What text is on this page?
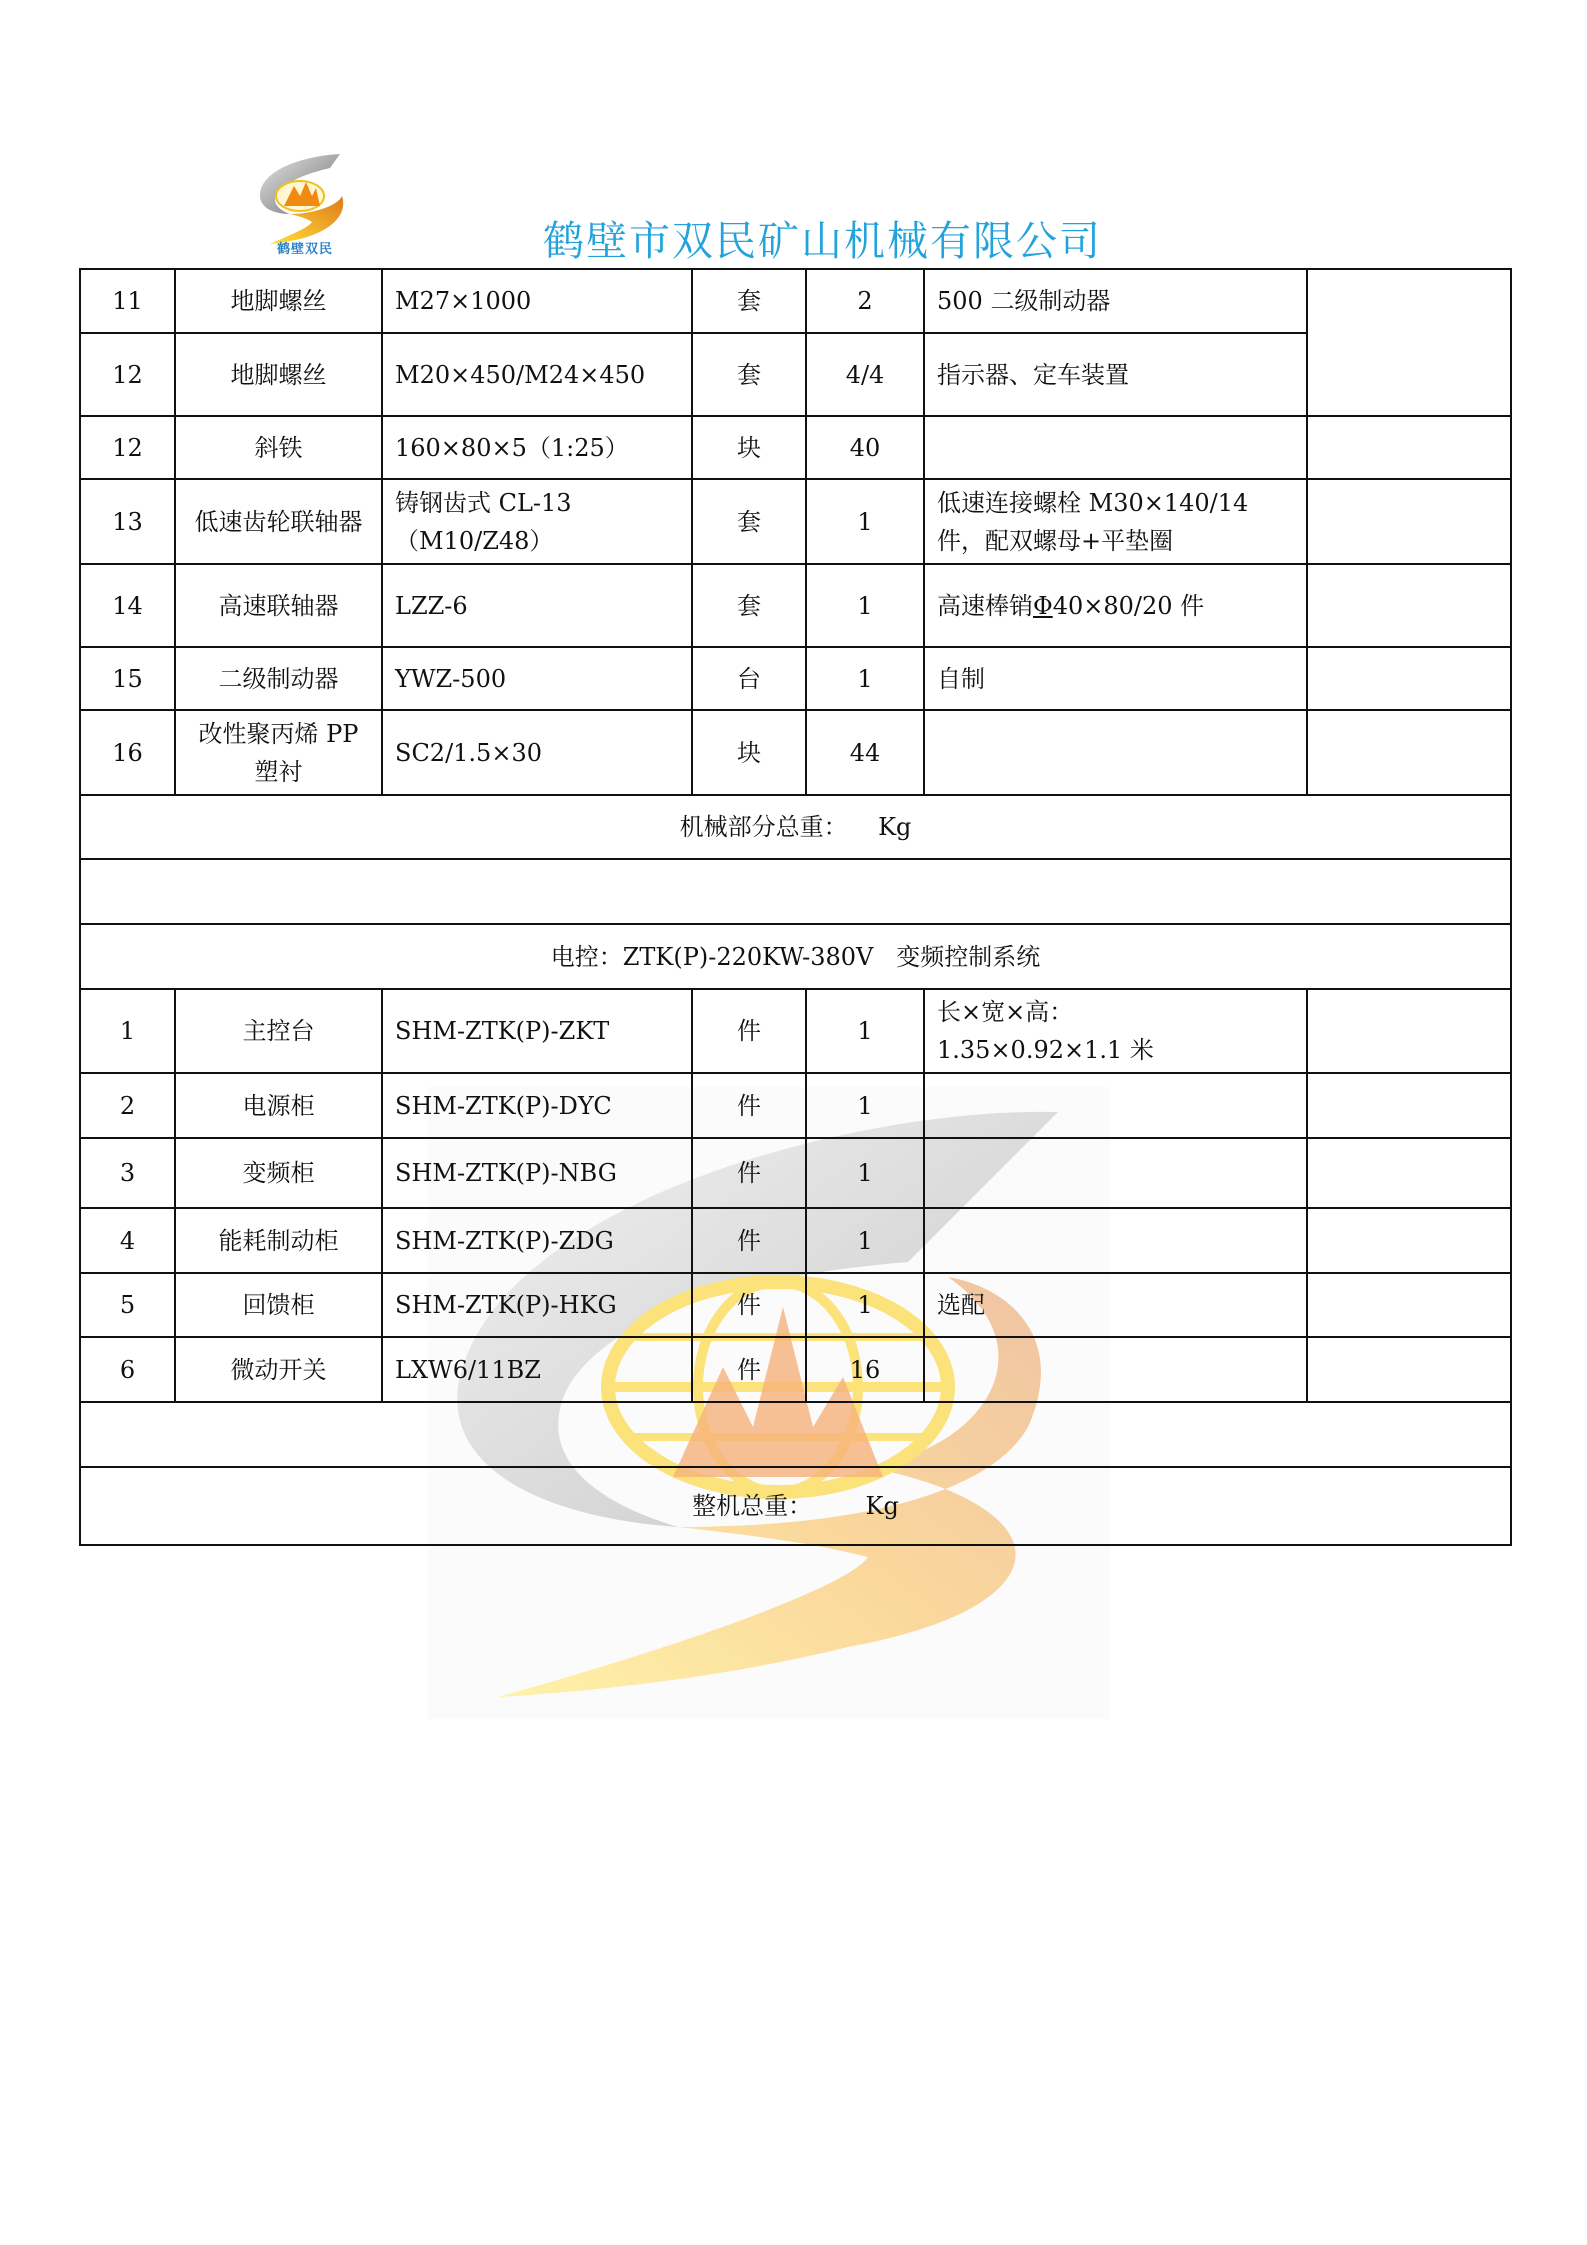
鹤壁双民	鹤壁市双民矿山机械有限公司
11	地脚螺丝	M27×1000	套	2	500 二级制动器	
12	地脚螺丝	M20×450/M24×450	套	4/4	指示器、定车装置	
12	斜铁	160×80×5（1:25）	块	40		
13	低速齿轮联轴器	铸钢齿式 CL-13 （M10/Z48）	套	1	低速连接螺栓 M30×140/14 件，配双螺母+平垫圈	
14	高速联轴器	LZZ-6	套	1	高速棒销Φ40×80/20 件	
15	二级制动器	YWZ-500	台	1	自制	
16	改性聚丙烯 PP 塑衬	SC2/1.5×30	块	44		
机械部分总重：    Kg						

电控：ZTK(P)-220KW-380V   变频控制系统						
1	主控台	SHM-ZTK(P)-ZKT	件	1	长×宽×高：
1.35×0.92×1.1 米	

2	电源柜	SHM-ZTK(P)-DYC	件	1		
3	变频柜	SHM-ZTK(P)-NBG	件	1		
4	能耗制动柜	SHM-ZTK(P)-ZDG	件	1		
5	回馈柜	SHM-ZTK(P)-HKG	件	1	选配	
6	微动开关	LXW6/11BZ	件	16		

整机总重：       Kg						
